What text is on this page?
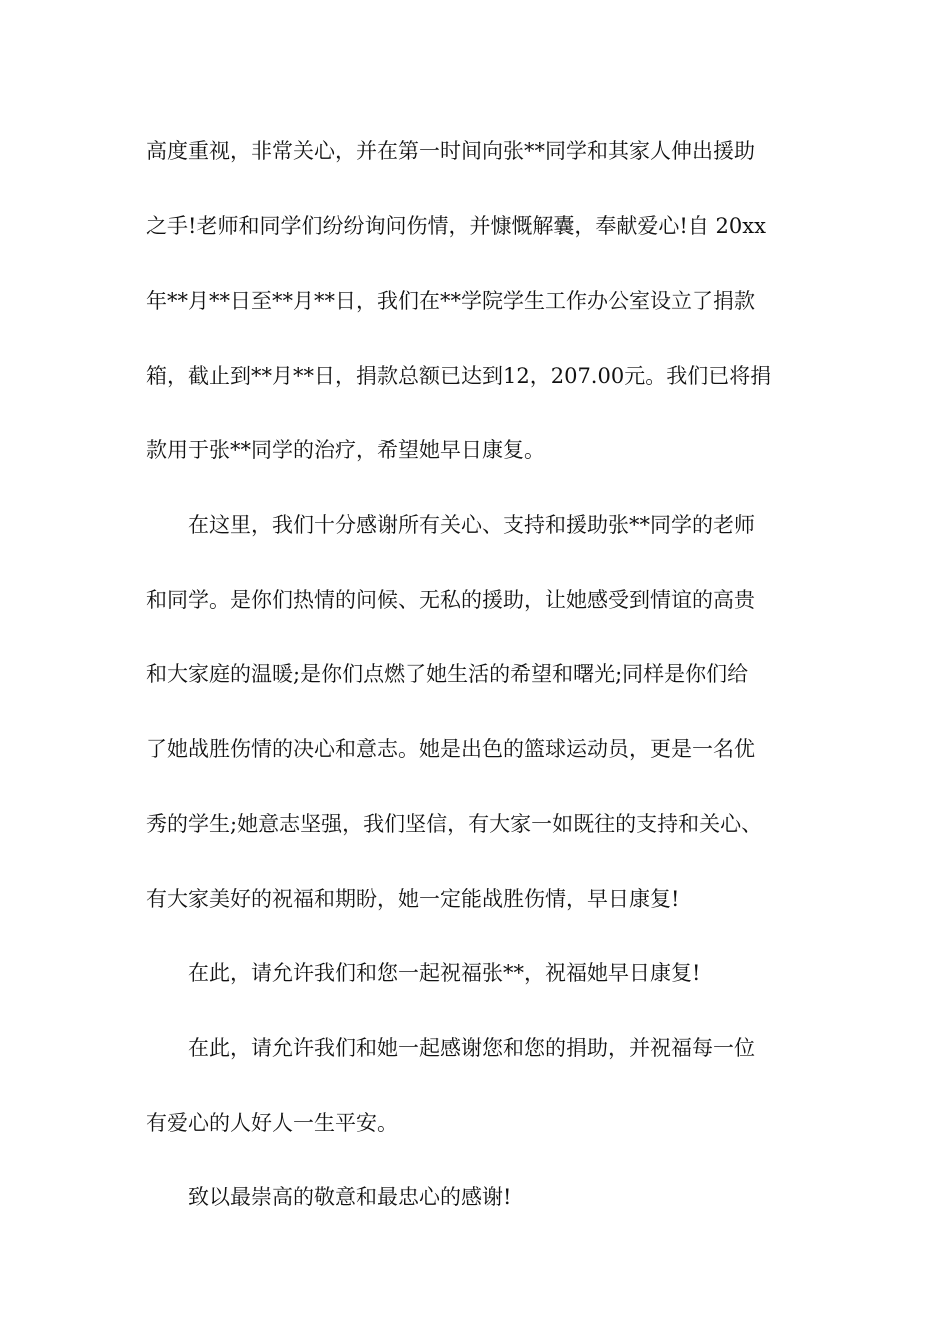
高度重视，非常关心，并在第一时间向张**同学和其家人伸出援助
之手!老师和同学们纷纷询问伤情，并慷慨解囊，奉献爱心!自 20xx
年**月**日至**月**日，我们在**学院学生工作办公室设立了捐款
箱，截止到**月**日，捐款总额已达到12，207.00元。我们已将捐
款用于张**同学的治疗，希望她早日康复。
在这里，我们十分感谢所有关心、支持和援助张**同学的老师
和同学。是你们热情的问候、无私的援助，让她感受到情谊的高贵
和大家庭的温暖;是你们点燃了她生活的希望和曙光;同样是你们给
了她战胜伤情的决心和意志。她是出色的篮球运动员，更是一名优
秀的学生;她意志坚强，我们坚信，有大家一如既往的支持和关心、
有大家美好的祝福和期盼，她一定能战胜伤情，早日康复!
在此，请允许我们和您一起祝福张**，祝福她早日康复!
在此，请允许我们和她一起感谢您和您的捐助，并祝福每一位
有爱心的人好人一生平安。
致以最崇高的敬意和最忠心的感谢!
